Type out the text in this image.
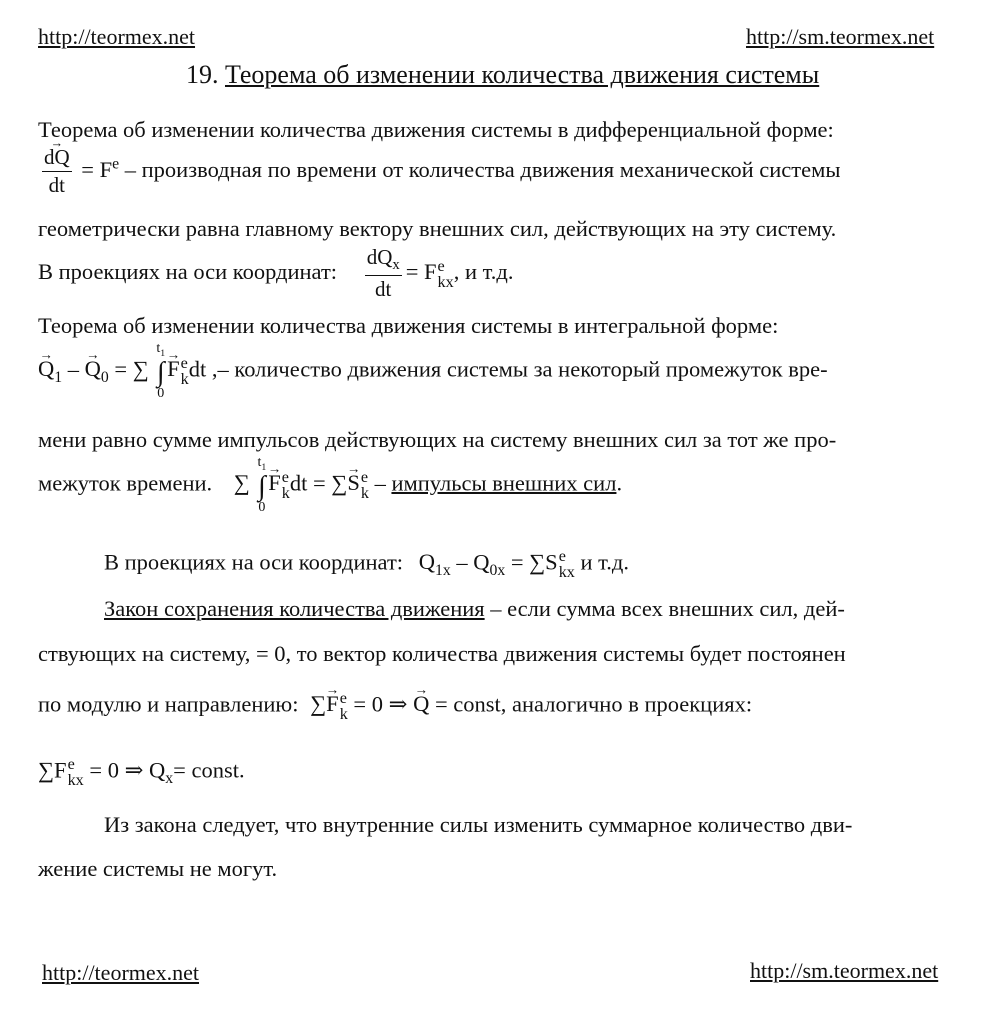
http://teormex.net	http://sm.teormex.net
19. Теорема об изменении количества движения системы
Теорема об изменении количества движения системы в дифференциальной форме:
→ $\frac{dQ}{dt} = F^e$ – производная по времени от количества движения механической системы
геометрически равна главному вектору внешних сил, действующих на эту систему.
В проекциях на оси координат: $\frac{dQ_x}{dt} = F$ e
kx , и т.д.
Теорема об изменении количества движения системы в интегральной форме:
→ $Q_1$ – → $Q_0$ = ∑
$t_1$
∫
0
→ F e
k dt ,– количество движения системы за некоторый промежуток вре-
мени равно сумме импульсов действующих на систему внешних сил за тот же про-
межуток времени. ∑
$t_1$
∫
0
→ F e
k dt = ∑→ S e
k – импульсы внешних сил.
В проекциях на оси координат: $Q_{1x} - Q_{0x} = \sum S$ e
kx и т.д.
Закон сохранения количества движения – если сумма всех внешних сил, дей-
ствующих на систему, = 0, то вектор количества движения системы будет постоянен
по модулю и направлению: ∑→ F e
k = 0 ⇒ → Q = const, аналогично в проекциях:
∑F e
kx = 0 ⇒ $Q_x=$ const.
Из закона следует, что внутренние силы изменить суммарное количество дви-
жение системы не могут.
http://teormex.net	http://sm.teormex.net
